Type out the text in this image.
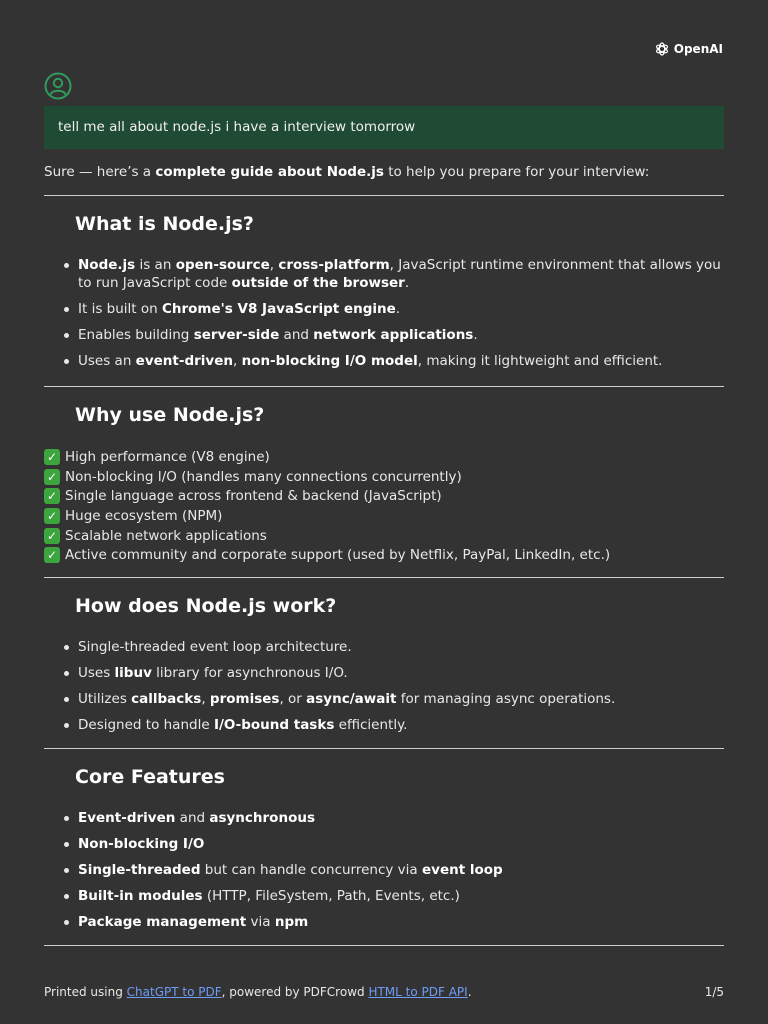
OpenAI
tell me all about node.js i have a interview tomorrow
Sure — here’s a complete guide about Node.js to help you prepare for your interview:
What is Node.js?
Node.js is an open-source, cross-platform, JavaScript runtime environment that allows you to run JavaScript code outside of the browser.
It is built on Chrome's V8 JavaScript engine.
Enables building server-side and network applications.
Uses an event-driven, non-blocking I/O model, making it lightweight and efficient.
Why use Node.js?
✓ High performance (V8 engine)
✓ Non-blocking I/O (handles many connections concurrently)
✓ Single language across frontend & backend (JavaScript)
✓ Huge ecosystem (NPM)
✓ Scalable network applications
✓ Active community and corporate support (used by Netflix, PayPal, LinkedIn, etc.)
How does Node.js work?
Single-threaded event loop architecture.
Uses libuv library for asynchronous I/O.
Utilizes callbacks, promises, or async/await for managing async operations.
Designed to handle I/O-bound tasks efficiently.
Core Features
Event-driven and asynchronous
Non-blocking I/O
Single-threaded but can handle concurrency via event loop
Built-in modules (HTTP, FileSystem, Path, Events, etc.)
Package management via npm
Printed using ChatGPT to PDF, powered by PDFCrowd HTML to PDF API.	1/5
